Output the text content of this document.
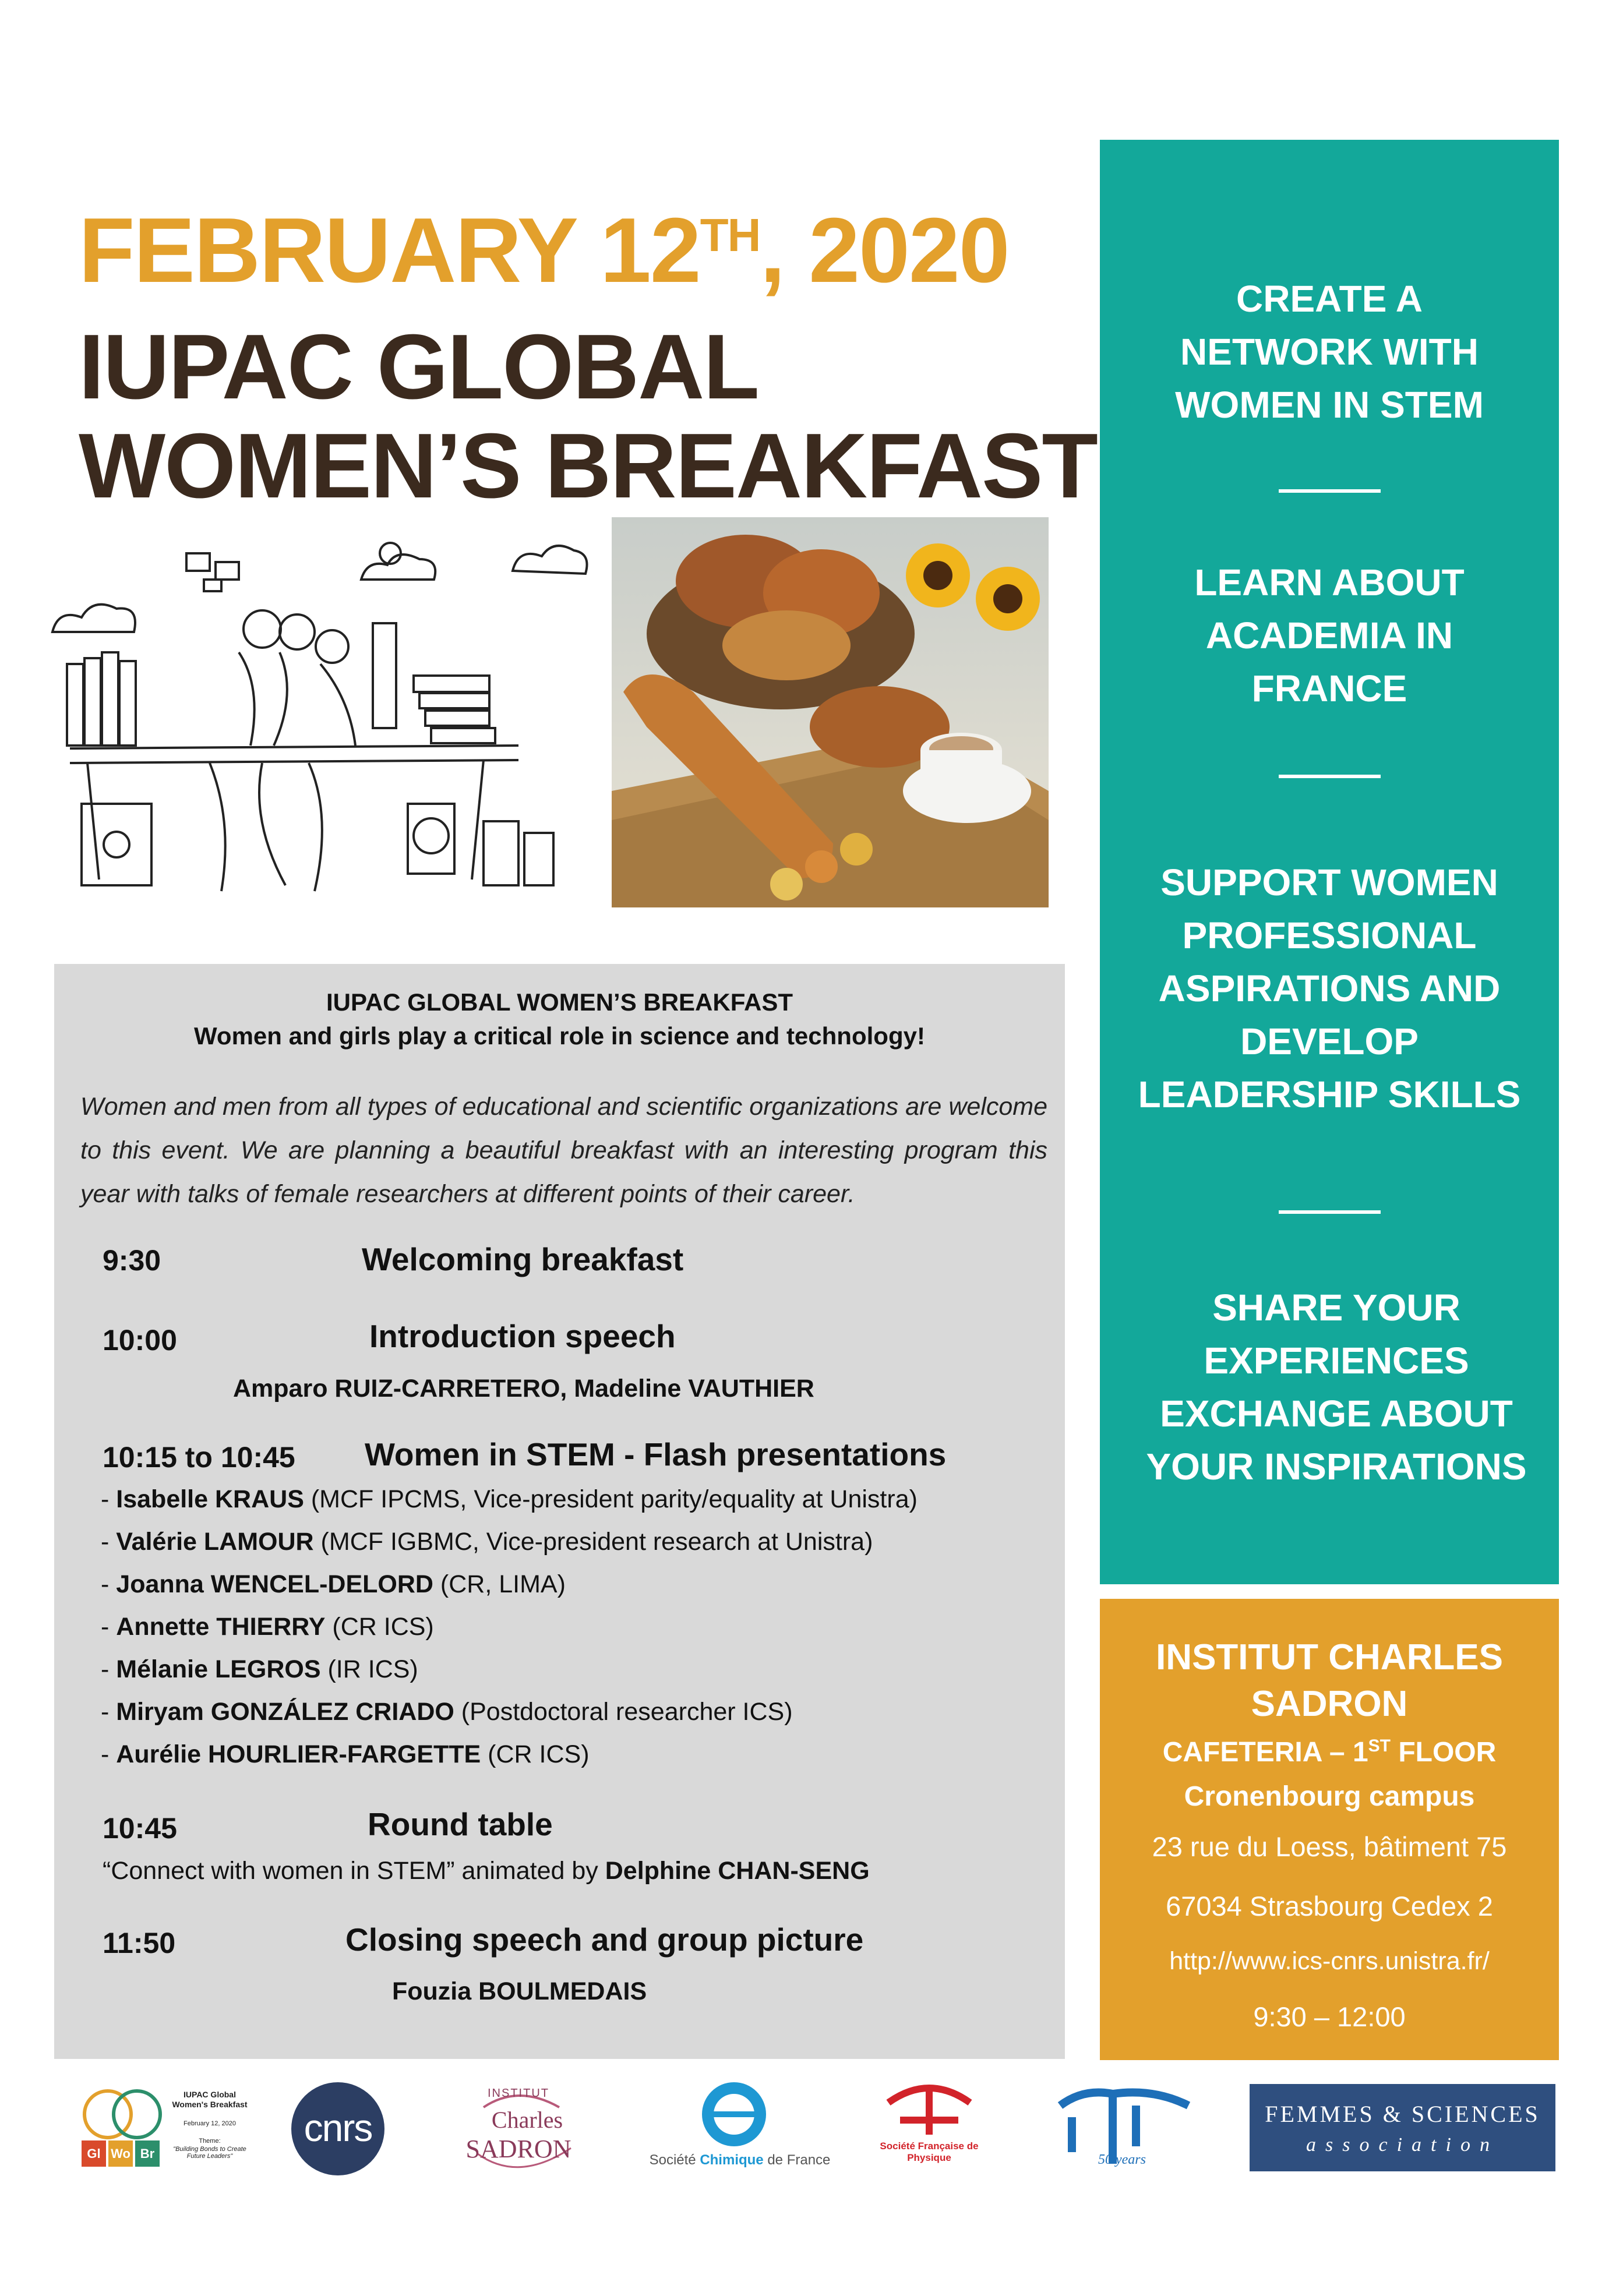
FEBRUARY 12TH, 2020
IUPAC GLOBAL
WOMEN’S BREAKFAST
CREATE A
NETWORK WITH
WOMEN IN STEM
LEARN ABOUT
ACADEMIA IN
FRANCE
SUPPORT WOMEN
PROFESSIONAL
ASPIRATIONS AND
DEVELOP
LEADERSHIP SKILLS
SHARE YOUR
EXPERIENCES
EXCHANGE ABOUT
YOUR INSPIRATIONS
INSTITUT CHARLES
SADRON
CAFETERIA – 1ST FLOOR
Cronenbourg campus
23 rue du Loess, bâtiment 75
67034 Strasbourg Cedex 2
http://www.ics-cnrs.unistra.fr/
9:30 – 12:00
IUPAC GLOBAL WOMEN’S BREAKFAST
Women and girls play a critical role in science and technology!
Women and men from all types of educational and scientific organizations are welcome to this event. We are planning a beautiful breakfast with an interesting program this year with talks of female researchers at different points of their career.
9:30	Welcoming breakfast
10:00	Introduction speech
Amparo RUIZ-CARRETERO, Madeline VAUTHIER
10:15 to 10:45 Women in STEM - Flash presentations
- Isabelle KRAUS (MCF IPCMS, Vice-president parity/equality at Unistra)
- Valérie LAMOUR (MCF IGBMC, Vice-president research at Unistra)
- Joanna WENCEL-DELORD (CR, LIMA)
- Annette THIERRY (CR ICS)
- Mélanie LEGROS (IR ICS)
- Miryam GONZÁLEZ CRIADO (Postdoctoral researcher ICS)
- Aurélie HOURLIER-FARGETTE (CR ICS)
10:45	Round table
“Connect with women in STEM” animated by Delphine CHAN-SENG
11:50	Closing speech and group picture
Fouzia BOULMEDAIS
Gl Wo Br
IUPAC Global Women's Breakfast
February 12, 2020
Theme:
"Building Bonds to Create Future Leaders"
cnrs
INSTITUT
Charles
SADRON	Société Chimique de France
Société Française de Physique	50 years
FEMMES & SCIENCES
association
